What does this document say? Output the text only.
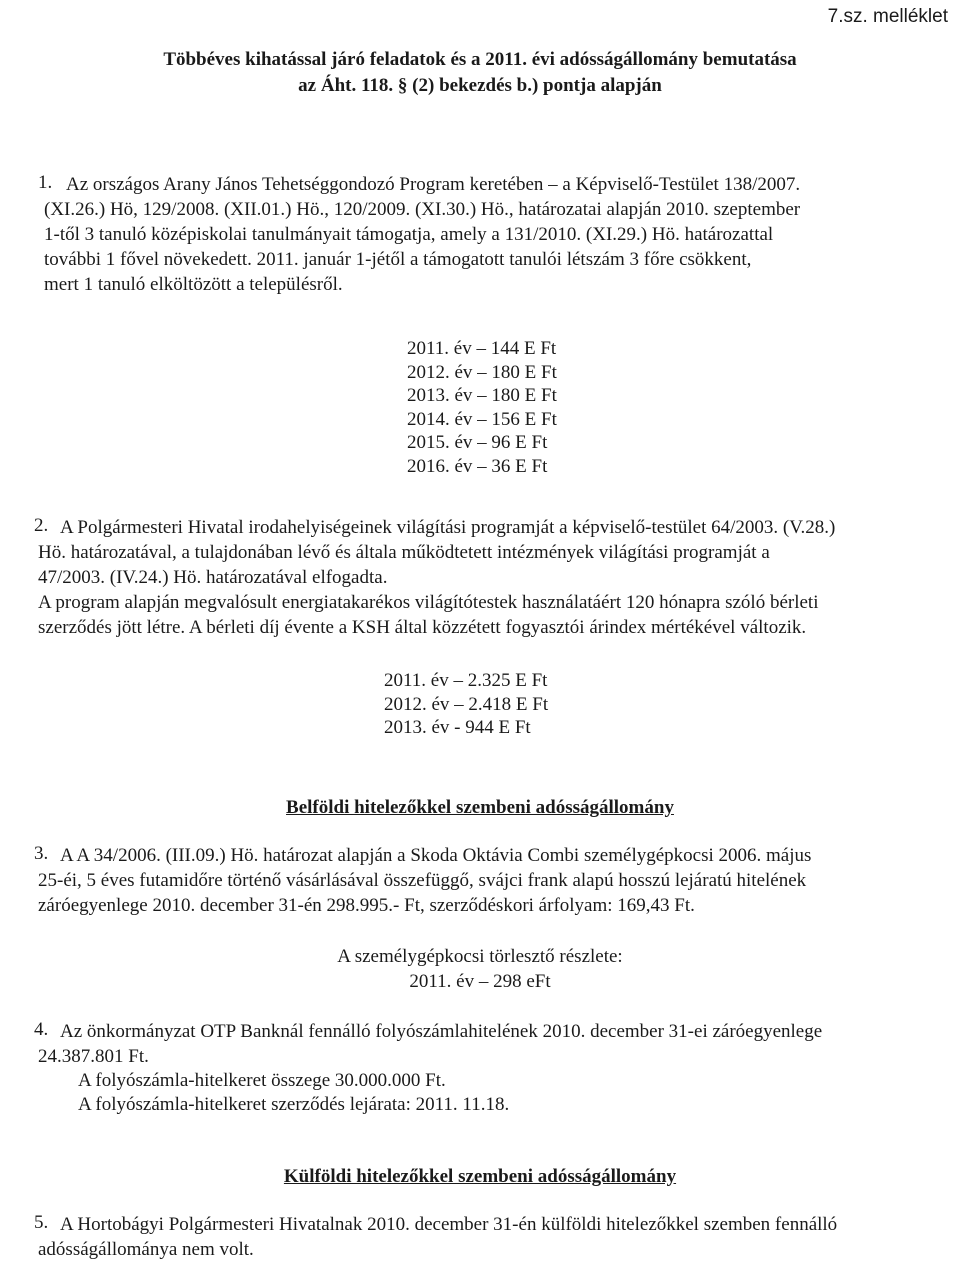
7.sz. melléklet
Többéves kihatással járó feladatok és a 2011. évi adósságállomány bemutatása
az Áht. 118. § (2) bekezdés b.) pontja alapján
1. Az országos Arany János Tehetséggondozó Program keretében – a Képviselő-Testület 138/2007.
(XI.26.) Hö, 129/2008. (XII.01.) Hö., 120/2009. (XI.30.) Hö., határozatai alapján 2010. szeptember
1-től 3 tanuló középiskolai tanulmányait támogatja, amely a 131/2010. (XI.29.) Hö. határozattal
további 1 fővel növekedett. 2011. január 1-jétől a támogatott tanulói létszám 3 főre csökkent,
mert 1 tanuló elköltözött a településről.
2011. év – 144 E Ft
2012. év – 180 E Ft
2013. év – 180 E Ft
2014. év – 156 E Ft
2015. év – 96 E Ft
2016. év – 36 E Ft
2. A Polgármesteri Hivatal irodahelyiségeinek világítási programját a képviselő-testület 64/2003. (V.28.)
Hö. határozatával, a tulajdonában lévő és általa működtetett intézmények világítási programját a
47/2003. (IV.24.) Hö. határozatával elfogadta.
A program alapján megvalósult energiatakarékos világítótestek használatáért 120 hónapra szóló bérleti
szerződés jött létre. A bérleti díj évente a KSH által közzétett fogyasztói árindex mértékével változik.
2011. év – 2.325 E Ft
2012. év – 2.418 E Ft
2013. év - 944 E Ft
Belföldi hitelezőkkel szembeni adósságállomány
3. A A 34/2006. (III.09.) Hö. határozat alapján a Skoda Oktávia Combi személygépkocsi 2006. május
25-éi, 5 éves futamidőre történő vásárlásával összefüggő, svájci frank alapú hosszú lejáratú hitelének
záróegyenlege 2010. december 31-én 298.995.- Ft, szerződéskori árfolyam: 169,43 Ft.
A személygépkocsi törlesztő részlete:
2011. év – 298 eFt
4. Az önkormányzat OTP Banknál fennálló folyószámlahitelének 2010. december 31-ei záróegyenlege
24.387.801 Ft.
A folyószámla-hitelkeret összege 30.000.000 Ft.
A folyószámla-hitelkeret szerződés lejárata: 2011. 11.18.
Külföldi hitelezőkkel szembeni adósságállomány
5. A Hortobágyi Polgármesteri Hivatalnak 2010. december 31-én külföldi hitelezőkkel szemben fennálló
adósságállománya nem volt.
